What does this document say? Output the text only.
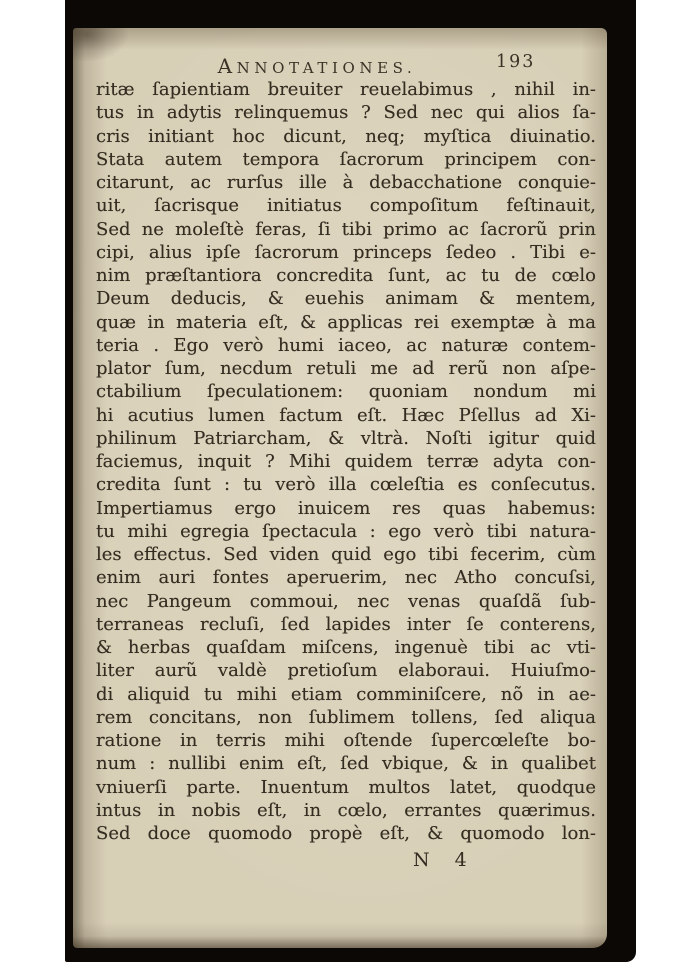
ANNOTATIONES.	193
ritæ ſapientiam breuiter reuelabimus , nihil in-
tus in adytis relinquemus ? Sed nec qui alios ſa-
cris initiant hoc dicunt, neq; myſtica diuinatio.
Stata autem tempora ſacrorum principem con-
citarunt, ac rurſus ille à debacchatione conquie-
uit, ſacrisque initiatus compoſitum feſtinauit,
Sed ne moleſtè feras, ſi tibi primo ac ſacrorũ prin
cipi, alius ipſe ſacrorum princeps ſedeo . Tibi e-
nim præſtantiora concredita ſunt, ac tu de cœlo
Deum deducis, & euehis animam & mentem,
quæ in materia eſt, & applicas rei exemptæ à ma
teria . Ego verò humi iaceo, ac naturæ contem-
plator ſum, necdum retuli me ad rerũ non aſpe-
ctabilium ſpeculationem: quoniam nondum mi
hi acutius lumen factum eſt. Hæc Pſellus ad Xi-
philinum Patriarcham, & vltrà. Noſti igitur quid
faciemus, inquit ? Mihi quidem terræ adyta con-
credita ſunt : tu verò illa cœleſtia es conſecutus.
Impertiamus ergo inuicem res quas habemus:
tu mihi egregia ſpectacula : ego verò tibi natura-
les effectus. Sed viden quid ego tibi fecerim, cùm
enim auri fontes aperuerim, nec Atho concuſsi,
nec Pangeum commoui, nec venas quaſdã ſub-
terraneas recluſi, ſed lapides inter ſe conterens,
& herbas quaſdam miſcens, ingenuè tibi ac vti-
liter aurũ valdè pretioſum elaboraui. Huiuſmo-
di aliquid tu mihi etiam comminiſcere, nõ in ae-
rem concitans, non ſublimem tollens, ſed aliqua
ratione in terris mihi oſtende ſupercœleſte bo-
num : nullibi enim eſt, ſed vbique, & in qualibet
vniuerſi parte. Inuentum multos latet, quodque
intus in nobis eſt, in cœlo, errantes quærimus.
Sed doce quomodo propè eſt, & quomodo lon-
N 4
